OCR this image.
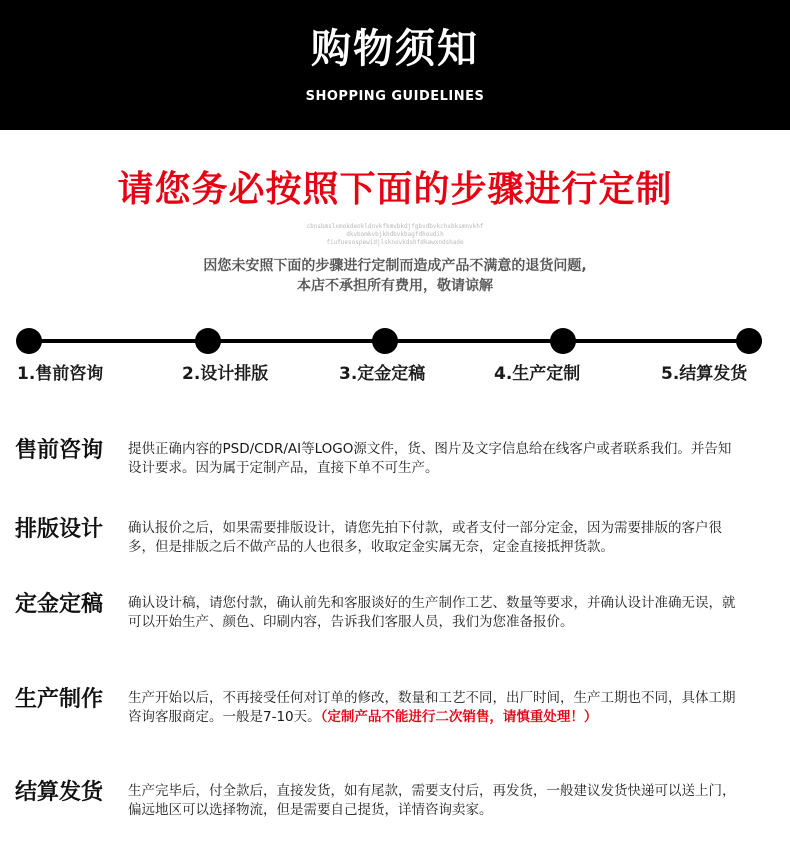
购物须知
SHOPPING GUIDELINES
请您务必按照下面的步骤进行定制
cbnsbmslxmokdeokldnvkfkmvbkdjfgbvdbvkchxbksmnvkhf
dkvbomkvbjkhdbvkbagfdhoudih
fiufuesospewidjlsknovkdshfdkawxndshade
因您未安照下面的步骤进行定制而造成产品不满意的退货问题,
本店不承担所有费用，敬请谅解
1.售前咨询	2.设计排版	3.定金定稿	4.生产定制	5.结算发货
售前咨询	提供正确内容的PSD/CDR/AI等LOGO源文件，货、图片及文字信息给在线客户或者联系我们。并告知设计要求。因为属于定制产品，直接下单不可生产。
排版设计	确认报价之后，如果需要排版设计，请您先拍下付款，或者支付一部分定金，因为需要排版的客户很多，但是排版之后不做产品的人也很多，收取定金实属无奈，定金直接抵押货款。
定金定稿	确认设计稿，请您付款，确认前先和客服谈好的生产制作工艺、数量等要求，并确认设计准确无误，就可以开始生产、颜色、印刷内容，告诉我们客服人员，我们为您准备报价。
生产制作	生产开始以后，不再接受任何对订单的修改，数量和工艺不同，出厂时间，生产工期也不同，具体工期咨询客服商定。一般是7-10天。（定制产品不能进行二次销售，请慎重处理！）
结算发货	生产完毕后，付全款后，直接发货，如有尾款，需要支付后，再发货，一般建议发货快递可以送上门，偏远地区可以选择物流，但是需要自己提货，详情咨询卖家。
